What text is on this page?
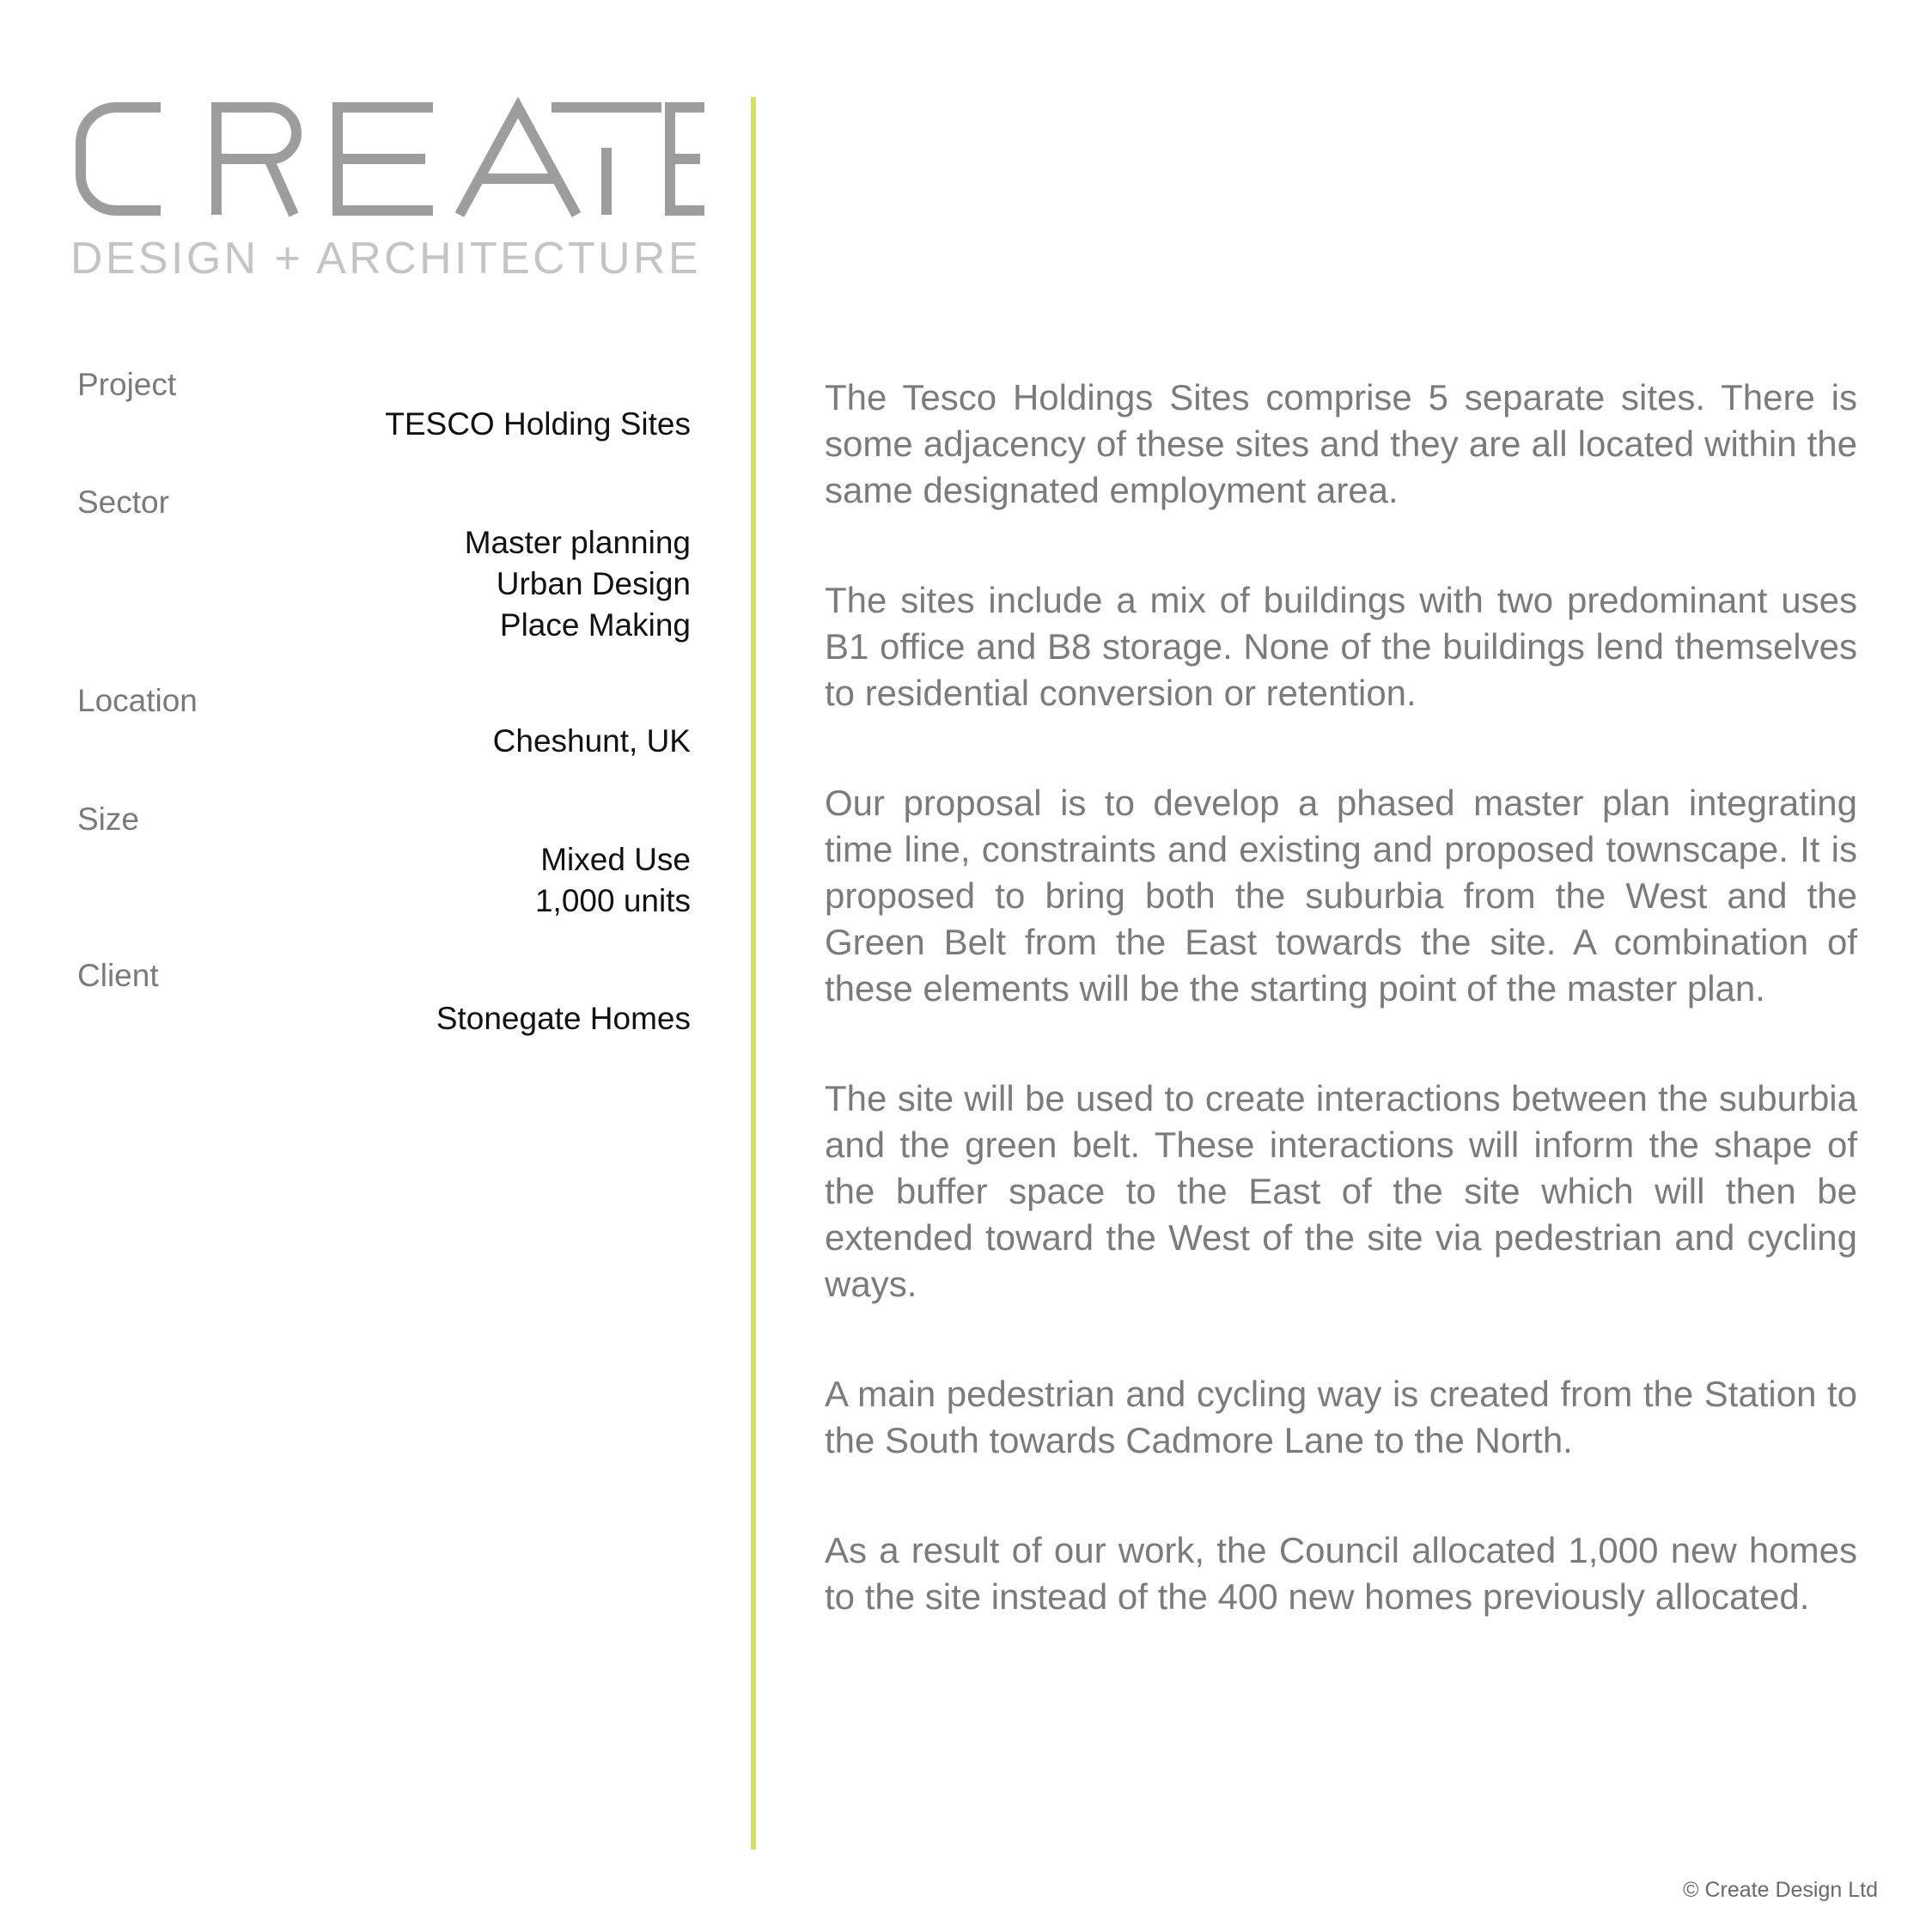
DESIGN + ARCHITECTURE
Project
TESCO Holding Sites
Sector
Master planning
Urban Design
Place Making
Location
Cheshunt, UK
Size
Mixed Use
1,000 units
Client
Stonegate Homes

The Tesco Holdings Sites comprise 5 separate sites. There is some adjacency of these sites and they are all located within the same designated employment area.

The sites include a mix of buildings with two predominant uses B1 office and B8 storage. None of the buildings lend themselves to residential conversion or retention.

Our proposal is to develop a phased master plan integrating time line, constraints and existing and proposed townscape. It is proposed to bring both the suburbia from the West and the Green Belt from the East towards the site. A combination of these elements will be the starting point of the master plan.

The site will be used to create interactions between the suburbia and the green belt. These interactions will inform the shape of the buffer space to the East of the site which will then be extended toward the West of the site via pedestrian and cycling ways.

A main pedestrian and cycling way is created from the Station to the South towards Cadmore Lane to the North.

As a result of our work, the Council allocated 1,000 new homes to the site instead of the 400 new homes previously allocated.

© Create Design Ltd
